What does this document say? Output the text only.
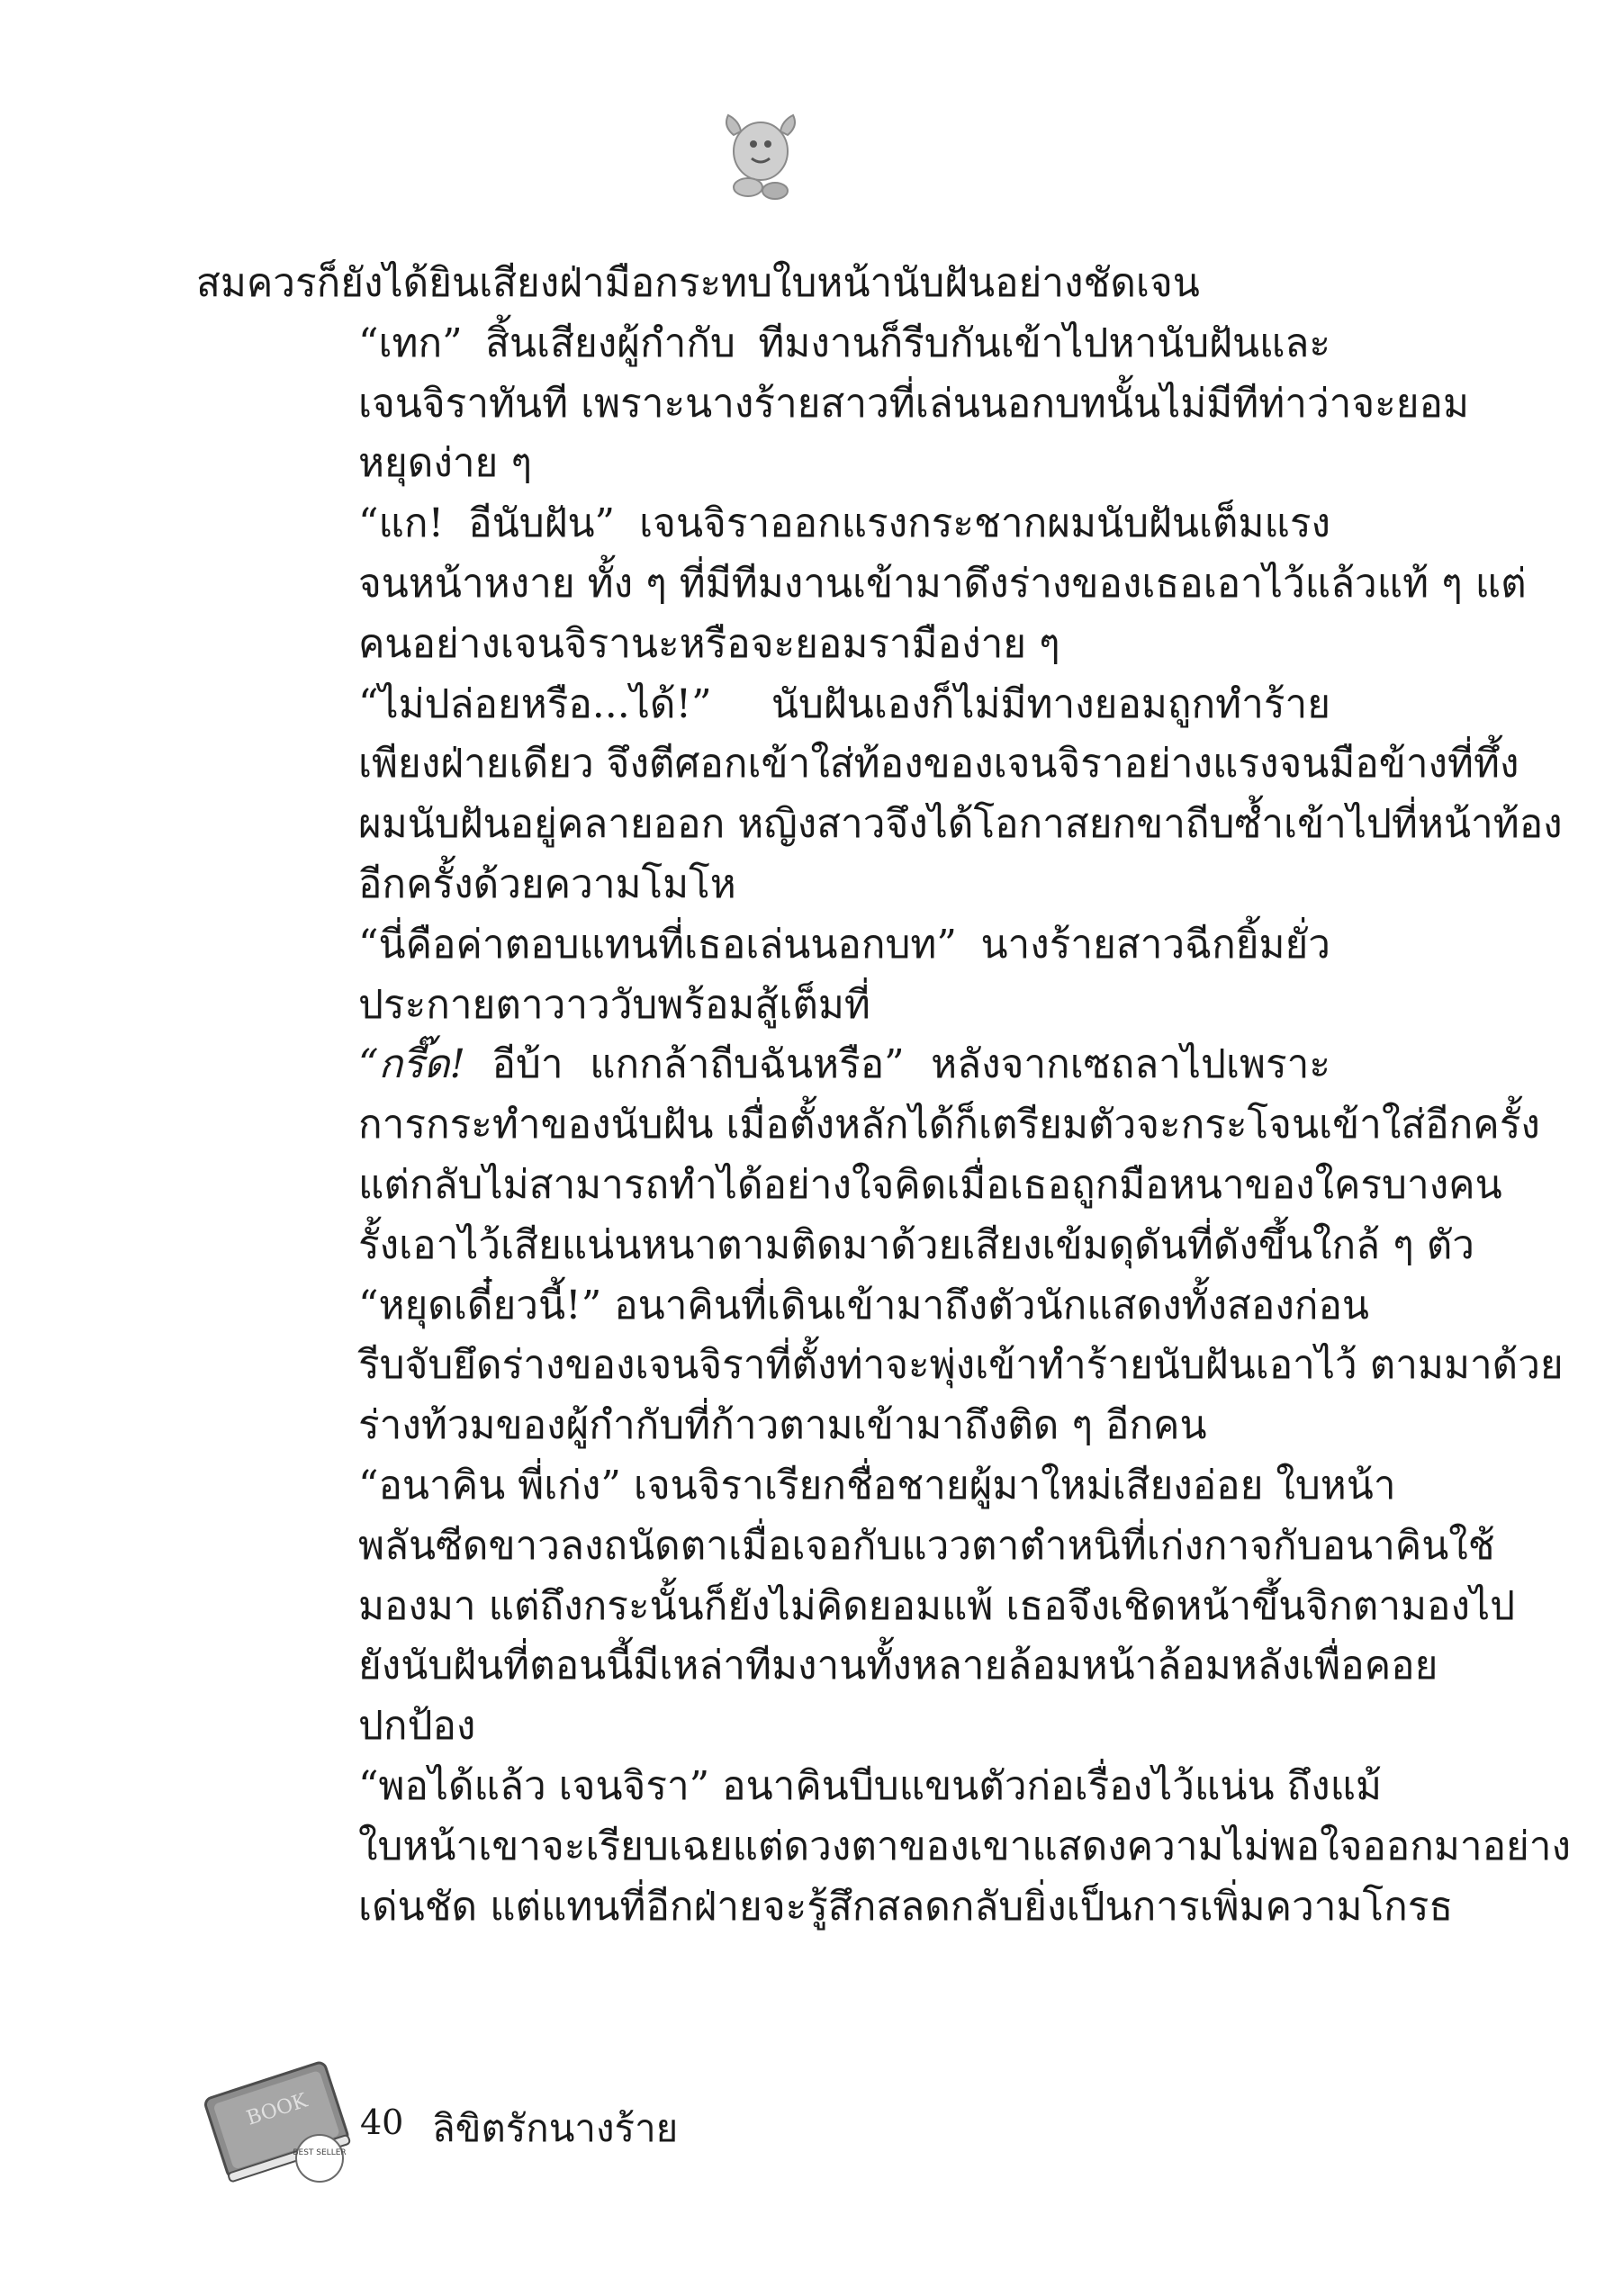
สมควรก็ยังได้ยินเสียงฝ่ามือกระทบใบหน้านับฝันอย่างชัดเจน

“เทก” สิ้นเสียงผู้กำกับ ทีมงานก็รีบกันเข้าไปหานับฝันและ
เจนจิราทันที เพราะนางร้ายสาวที่เล่นนอกบทนั้นไม่มีทีท่าว่าจะยอม
หยุดง่าย ๆ

“แก! อีนับฝัน” เจนจิราออกแรงกระชากผมนับฝันเต็มแรง
จนหน้าหงาย ทั้ง ๆ ที่มีทีมงานเข้ามาดึงร่างของเธอเอาไว้แล้วแท้ ๆ แต่
คนอย่างเจนจิรานะหรือจะยอมรามือง่าย ๆ

“ไม่ปล่อยหรือ...ได้!” นับฝันเองก็ไม่มีทางยอมถูกทำร้าย
เพียงฝ่ายเดียว จึงตีศอกเข้าใส่ท้องของเจนจิราอย่างแรงจนมือข้างที่ทึ้ง
ผมนับฝันอยู่คลายออก หญิงสาวจึงได้โอกาสยกขาถีบซ้ำเข้าไปที่หน้าท้อง
อีกครั้งด้วยความโมโห

“นี่คือค่าตอบแทนที่เธอเล่นนอกบท” นางร้ายสาวฉีกยิ้มยั่ว
ประกายตาวาววับพร้อมสู้เต็มที่

“กรี๊ด! อีบ้า แกกล้าถีบฉันหรือ” หลังจากเซถลาไปเพราะ
การกระทำของนับฝัน เมื่อตั้งหลักได้ก็เตรียมตัวจะกระโจนเข้าใส่อีกครั้ง
แต่กลับไม่สามารถทำได้อย่างใจคิดเมื่อเธอถูกมือหนาของใครบางคน
รั้งเอาไว้เสียแน่นหนาตามติดมาด้วยเสียงเข้มดุดันที่ดังขึ้นใกล้ ๆ ตัว

“หยุดเดี๋ยวนี้!” อนาคินที่เดินเข้ามาถึงตัวนักแสดงทั้งสองก่อน
รีบจับยึดร่างของเจนจิราที่ตั้งท่าจะพุ่งเข้าทำร้ายนับฝันเอาไว้ ตามมาด้วย
ร่างท้วมของผู้กำกับที่ก้าวตามเข้ามาถึงติด ๆ อีกคน

“อนาคิน พี่เก่ง” เจนจิราเรียกชื่อชายผู้มาใหม่เสียงอ่อย ใบหน้า
พลันซีดขาวลงถนัดตาเมื่อเจอกับแววตาตำหนิที่เก่งกาจกับอนาคินใช้
มองมา แต่ถึงกระนั้นก็ยังไม่คิดยอมแพ้ เธอจึงเชิดหน้าขึ้นจิกตามองไป
ยังนับฝันที่ตอนนี้มีเหล่าทีมงานทั้งหลายล้อมหน้าล้อมหลังเพื่อคอย
ปกป้อง

“พอได้แล้ว เจนจิรา” อนาคินบีบแขนตัวก่อเรื่องไว้แน่น ถึงแม้
ใบหน้าเขาจะเรียบเฉยแต่ดวงตาของเขาแสดงความไม่พอใจออกมาอย่าง
เด่นชัด แต่แทนที่อีกฝ่ายจะรู้สึกสลดกลับยิ่งเป็นการเพิ่มความโกรธ

BOOK
BEST SELLER
40 ลิขิตรักนางร้าย
